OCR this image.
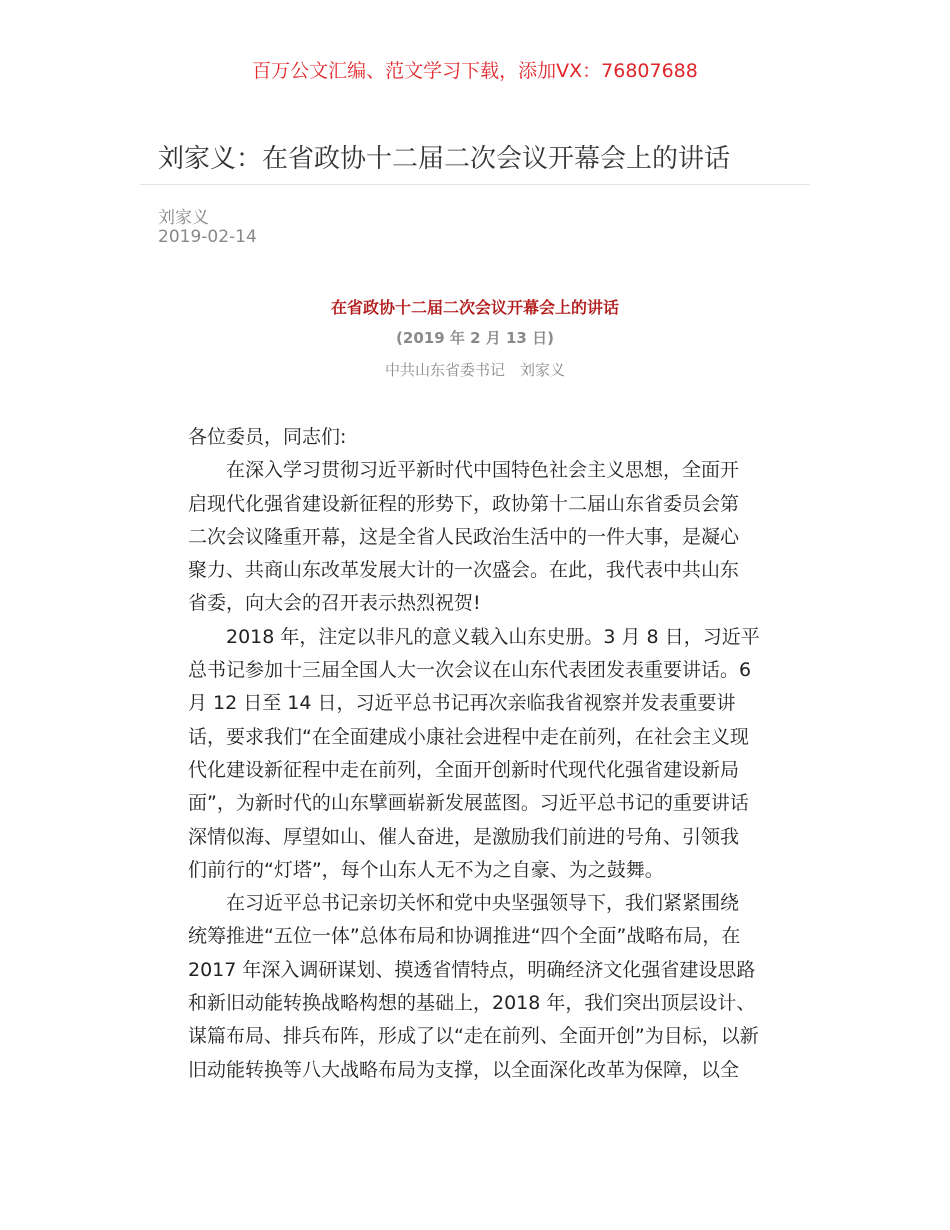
百万公文汇编、范文学习下载，添加VX：76807688
刘家义：在省政协十二届二次会议开幕会上的讲话
刘家义
2019-02-14
在省政协十二届二次会议开幕会上的讲话
(2019 年 2 月 13 日)
中共山东省委书记　刘家义
各位委员，同志们:
在深入学习贯彻习近平新时代中国特色社会主义思想，全面开
启现代化强省建设新征程的形势下，政协第十二届山东省委员会第
二次会议隆重开幕，这是全省人民政治生活中的一件大事，是凝心
聚力、共商山东改革发展大计的一次盛会。在此，我代表中共山东
省委，向大会的召开表示热烈祝贺!
2018 年，注定以非凡的意义载入山东史册。3 月 8 日，习近平
总书记参加十三届全国人大一次会议在山东代表团发表重要讲话。6
月 12 日至 14 日，习近平总书记再次亲临我省视察并发表重要讲
话，要求我们“在全面建成小康社会进程中走在前列，在社会主义现
代化建设新征程中走在前列，全面开创新时代现代化强省建设新局
面”，为新时代的山东擘画崭新发展蓝图。习近平总书记的重要讲话
深情似海、厚望如山、催人奋进，是激励我们前进的号角、引领我
们前行的“灯塔”，每个山东人无不为之自豪、为之鼓舞。
在习近平总书记亲切关怀和党中央坚强领导下，我们紧紧围绕
统筹推进“五位一体”总体布局和协调推进“四个全面”战略布局，在
2017 年深入调研谋划、摸透省情特点，明确经济文化强省建设思路
和新旧动能转换战略构想的基础上，2018 年，我们突出顶层设计、
谋篇布局、排兵布阵，形成了以“走在前列、全面开创”为目标，以新
旧动能转换等八大战略布局为支撑，以全面深化改革为保障，以全
